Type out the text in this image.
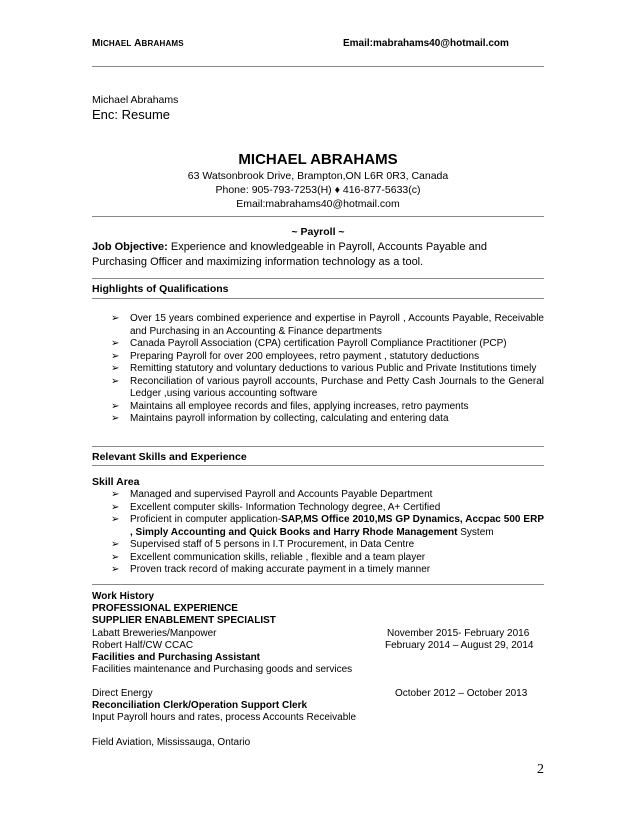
MICHAEL ABRAHAMS	Email:mabrahams40@hotmail.com
Michael Abrahams
Enc: Resume
MICHAEL ABRAHAMS
63 Watsonbrook Drive, Brampton,ON L6R 0R3, Canada
Phone: 905-793-7253(H) ♦ 416-877-5633(c)
Email:mabrahams40@hotmail.com
~ Payroll ~
Job Objective: Experience and knowledgeable in Payroll, Accounts Payable and Purchasing Officer and maximizing information technology as a tool.
Highlights of Qualifications
➢ Over 15 years combined experience and expertise in Payroll , Accounts Payable, Receivable and Purchasing in an Accounting & Finance departments
➢ Canada Payroll Association (CPA) certification Payroll Compliance Practitioner (PCP)
➢ Preparing Payroll for over 200 employees, retro payment , statutory deductions
➢ Remitting statutory and voluntary deductions to various Public and Private Institutions timely
➢ Reconciliation of various payroll accounts, Purchase and Petty Cash Journals to the General Ledger ,using various accounting software
➢ Maintains all employee records and files, applying increases, retro payments
➢ Maintains payroll information by collecting, calculating and entering data
Relevant Skills and Experience
Skill Area
➢ Managed and supervised Payroll and Accounts Payable Department
➢ Excellent computer skills- Information Technology degree, A+ Certified
➢ Proficient in computer application-SAP,MS Office 2010,MS GP Dynamics, Accpac 500 ERP , Simply Accounting and Quick Books and Harry Rhode Management System
➢ Supervised staff of 5 persons in I.T Procurement, in Data Centre
➢ Excellent communication skills, reliable , flexible and a team player
➢ Proven track record of making accurate payment in a timely manner
Work History
PROFESSIONAL EXPERIENCE
SUPPLIER ENABLEMENT SPECIALIST
Labatt Breweries/Manpower	November 2015- February 2016
Robert Half/CW CCAC	February 2014 – August 29, 2014
Facilities and Purchasing Assistant
Facilities maintenance and Purchasing goods and services
Direct Energy	October 2012 – October 2013
Reconciliation Clerk/Operation Support Clerk
Input Payroll hours and rates, process Accounts Receivable
Field Aviation, Mississauga, Ontario
2
